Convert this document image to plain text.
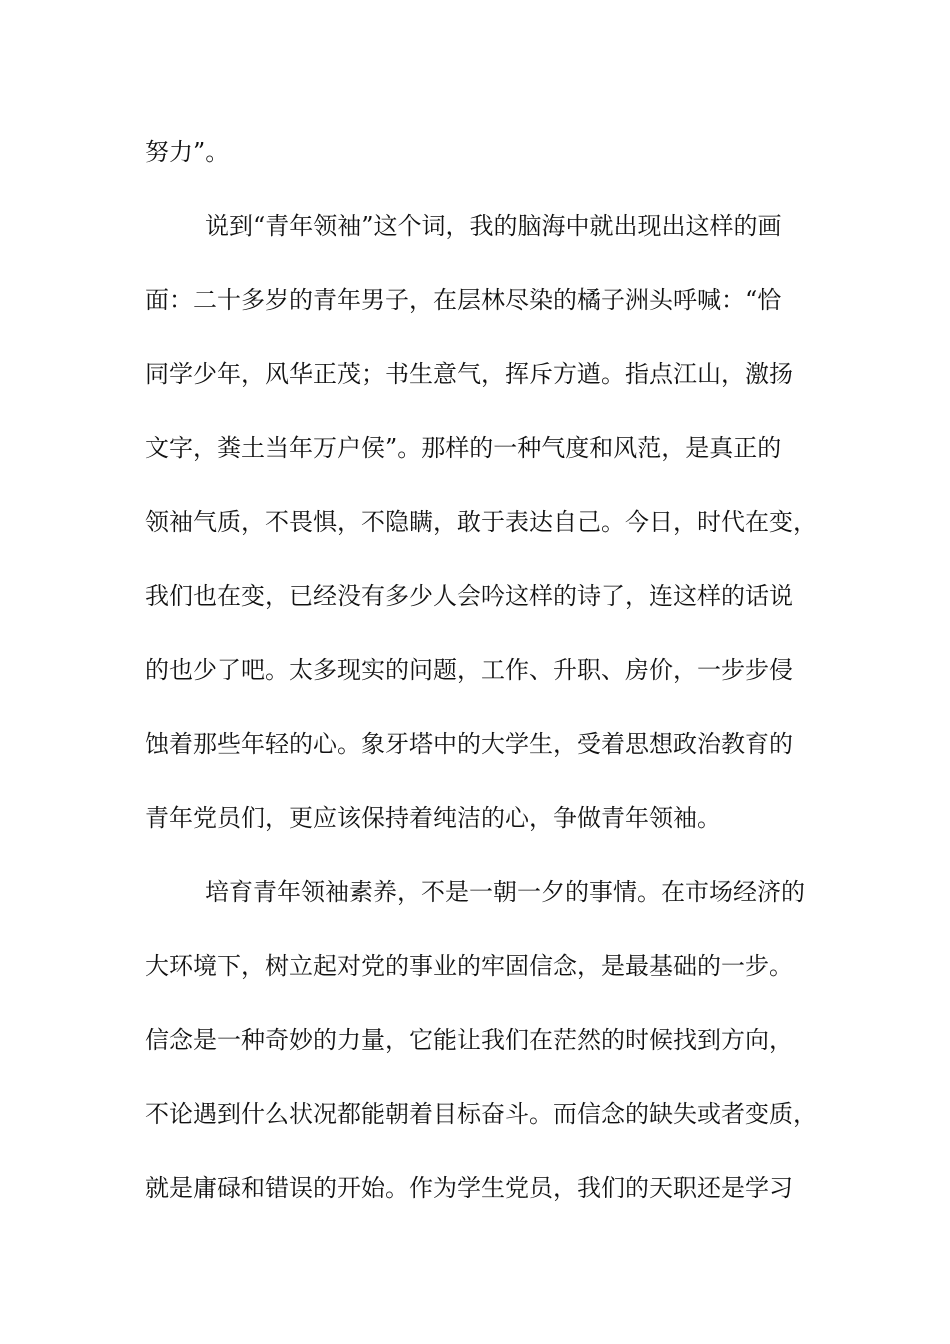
努力”。
说到“青年领袖”这个词，我的脑海中就出现出这样的画
面：二十多岁的青年男子，在层林尽染的橘子洲头呼喊：“恰
同学少年，风华正茂；书生意气，挥斥方遒。指点江山，激扬
文字，粪土当年万户侯”。那样的一种气度和风范，是真正的
领袖气质，不畏惧，不隐瞒，敢于表达自己。今日，时代在变，
我们也在变，已经没有多少人会吟这样的诗了，连这样的话说
的也少了吧。太多现实的问题，工作、升职、房价，一步步侵
蚀着那些年轻的心。象牙塔中的大学生，受着思想政治教育的
青年党员们，更应该保持着纯洁的心，争做青年领袖。
培育青年领袖素养，不是一朝一夕的事情。在市场经济的
大环境下，树立起对党的事业的牢固信念，是最基础的一步。
信念是一种奇妙的力量，它能让我们在茫然的时候找到方向，
不论遇到什么状况都能朝着目标奋斗。而信念的缺失或者变质，
就是庸碌和错误的开始。作为学生党员，我们的天职还是学习
